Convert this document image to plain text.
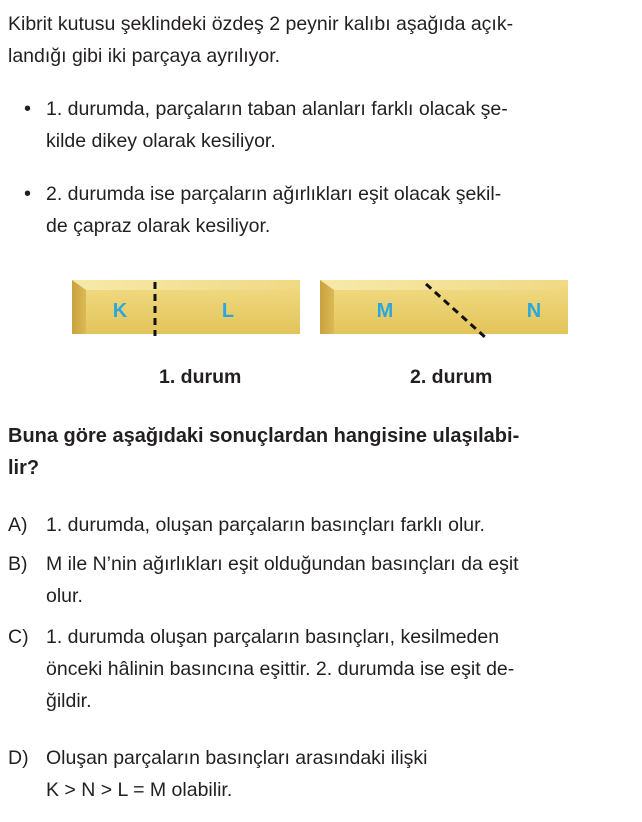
Kibrit kutusu şeklindeki özdeş 2 peynir kalıbı aşağıda açık-
landığı gibi iki parçaya ayrılıyor.
• 1. durumda, parçaların taban alanları farklı olacak şe-
kilde dikey olarak kesiliyor.
• 2. durumda ise parçaların ağırlıkları eşit olacak şekil-
de çapraz olarak kesiliyor.
K	L	M	N
1. durum	2. durum
Buna göre aşağıdaki sonuçlardan hangisine ulaşılabi-
lir?
A) 1. durumda, oluşan parçaların basınçları farklı olur.
B) M ile N’nin ağırlıkları eşit olduğundan basınçları da eşit
olur.
C) 1. durumda oluşan parçaların basınçları, kesilmeden
önceki hâlinin basıncına eşittir. 2. durumda ise eşit de-
ğildir.
D) Oluşan parçaların basınçları arasındaki ilişki
K > N > L = M olabilir.
